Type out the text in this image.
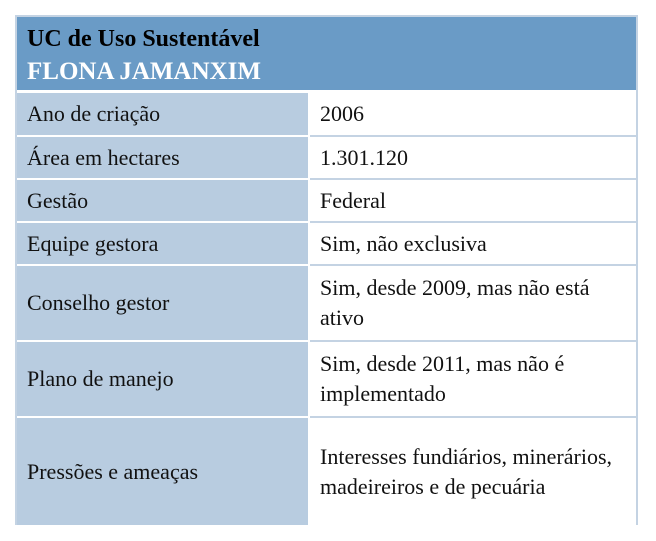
UC de Uso Sustentável
FLONA JAMANXIM
Ano de criação	2006
Área em hectares	1.301.120
Gestão	Federal
Equipe gestora	Sim, não exclusiva
Conselho gestor	Sim, desde 2009, mas não está ativo
Plano de manejo	Sim, desde 2011, mas não é implementado
Pressões e ameaças	Interesses fundiários, minerários, madeireiros e de pecuária
